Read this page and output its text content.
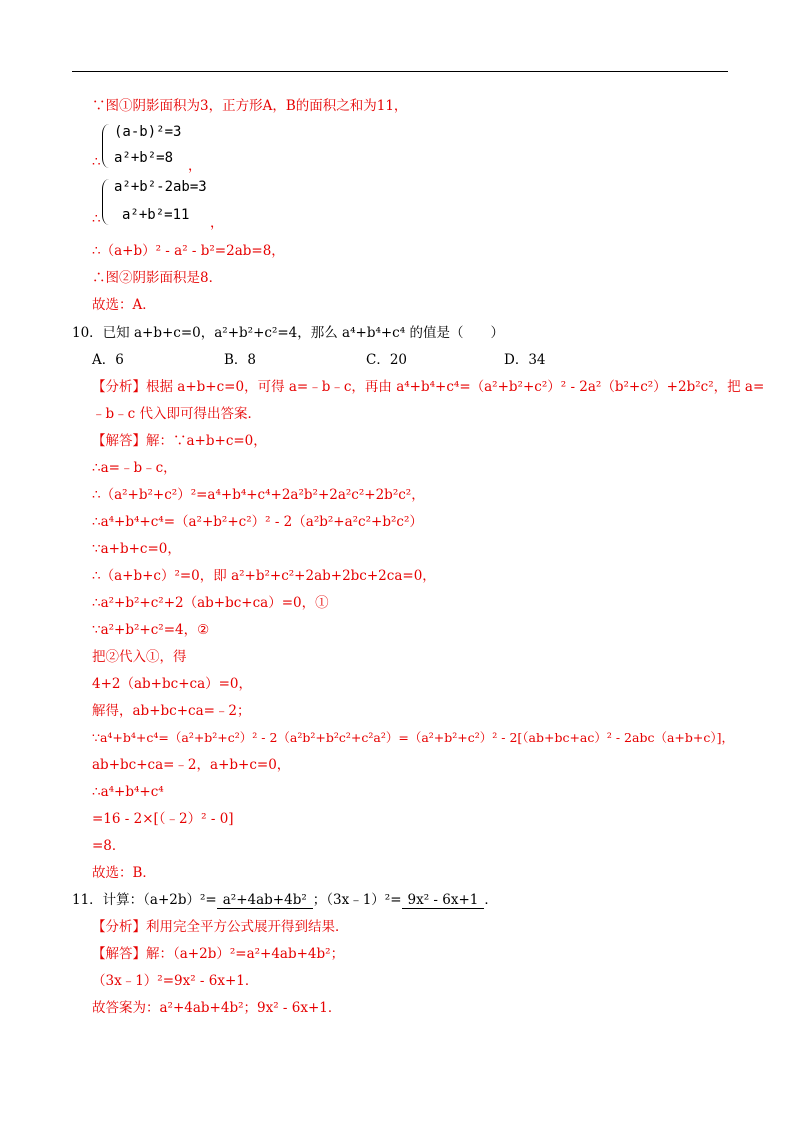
∵图①阴影面积为3，正方形A，B的面积之和为11，
∴
(a-b)²=3
a²+b²=8 ，
∴
a²+b²-2ab=3
a²+b²=11 ，
∴（a+b）² - a² - b²=2ab=8，
∴图②阴影面积是8．
故选：A．
10．已知 a+b+c=0，a²+b²+c²=4，那么 a⁴+b⁴+c⁴ 的值是（　　）
A．6	B．8	C．20	D．34
【分析】根据 a+b+c=0，可得 a=﹣b﹣c，再由 a⁴+b⁴+c⁴=（a²+b²+c²）² - 2a²（b²+c²）+2b²c²，把 a=
﹣b﹣c 代入即可得出答案．
【解答】解：∵a+b+c=0，
∴a=﹣b﹣c，
∴（a²+b²+c²）²=a⁴+b⁴+c⁴+2a²b²+2a²c²+2b²c²，
∴a⁴+b⁴+c⁴=（a²+b²+c²）² - 2（a²b²+a²c²+b²c²）
∵a+b+c=0，
∴（a+b+c）²=0，即 a²+b²+c²+2ab+2bc+2ca=0，
∴a²+b²+c²+2（ab+bc+ca）=0，①
∵a²+b²+c²=4，②
把②代入①，得
4+2（ab+bc+ca）=0，
解得，ab+bc+ca=﹣2；
∵a⁴+b⁴+c⁴=（a²+b²+c²）² - 2（a²b²+b²c²+c²a²）=（a²+b²+c²）² - 2[（ab+bc+ac）² - 2abc（a+b+c）]，
ab+bc+ca=﹣2，a+b+c=0，
∴a⁴+b⁴+c⁴
=16 - 2×[（﹣2）² - 0]
=8．
故选：B．
11．计算：（a+2b）²= a²+4ab+4b² ；（3x﹣1）²= 9x² - 6x+1 ．
【分析】利用完全平方公式展开得到结果．
【解答】解：（a+2b）²=a²+4ab+4b²；
（3x﹣1）²=9x² - 6x+1．
故答案为：a²+4ab+4b²；9x² - 6x+1．
